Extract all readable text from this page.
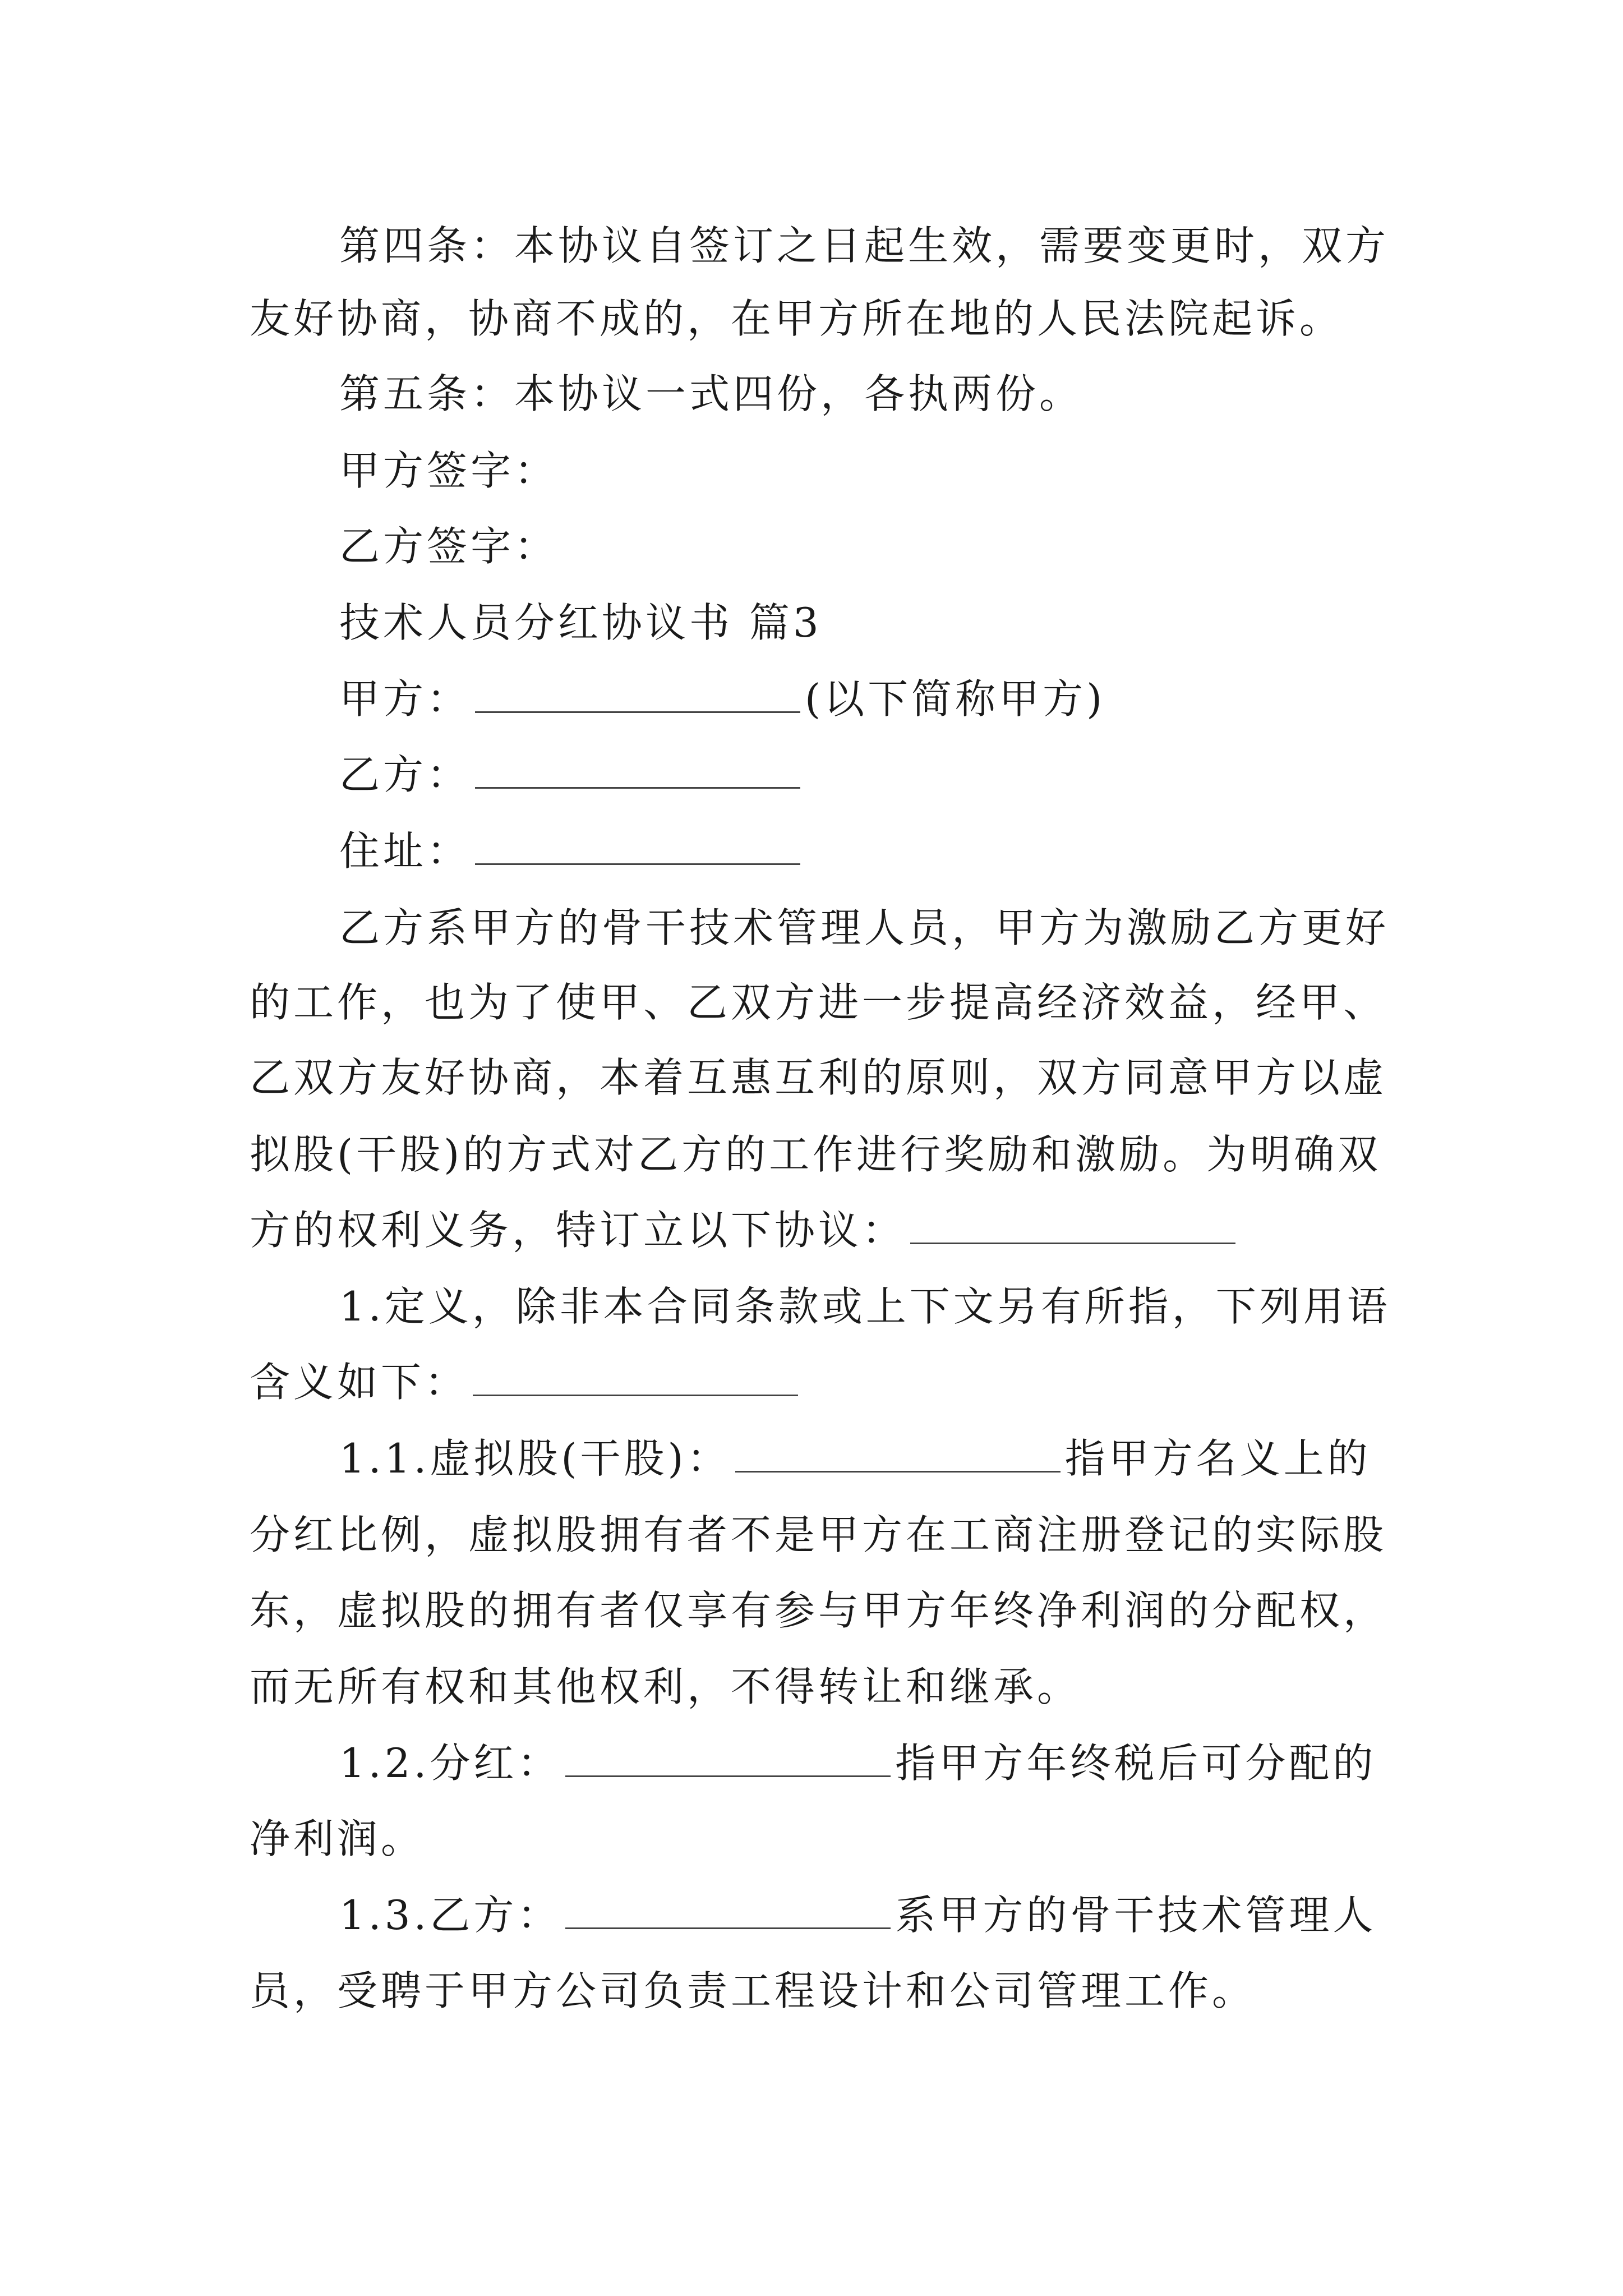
第四条：本协议自签订之日起生效，需要变更时，双方
友好协商，协商不成的，在甲方所在地的人民法院起诉。
第五条：本协议一式四份，各执两份。
甲方签字：
乙方签字：
技术人员分红协议书 篇3
甲方：	(以下简称甲方)
乙方：
住址：
乙方系甲方的骨干技术管理人员，甲方为激励乙方更好
的工作，也为了使甲、乙双方进一步提高经济效益，经甲、
乙双方友好协商，本着互惠互利的原则，双方同意甲方以虚
拟股(干股)的方式对乙方的工作进行奖励和激励。为明确双
方的权利义务，特订立以下协议：
1.定义，除非本合同条款或上下文另有所指，下列用语
含义如下：
1.1.虚拟股(干股)：	指甲方名义上的
分红比例，虚拟股拥有者不是甲方在工商注册登记的实际股
东，虚拟股的拥有者仅享有参与甲方年终净利润的分配权，
而无所有权和其他权利，不得转让和继承。
1.2.分红：	指甲方年终税后可分配的
净利润。
1.3.乙方：	系甲方的骨干技术管理人
员，受聘于甲方公司负责工程设计和公司管理工作。
